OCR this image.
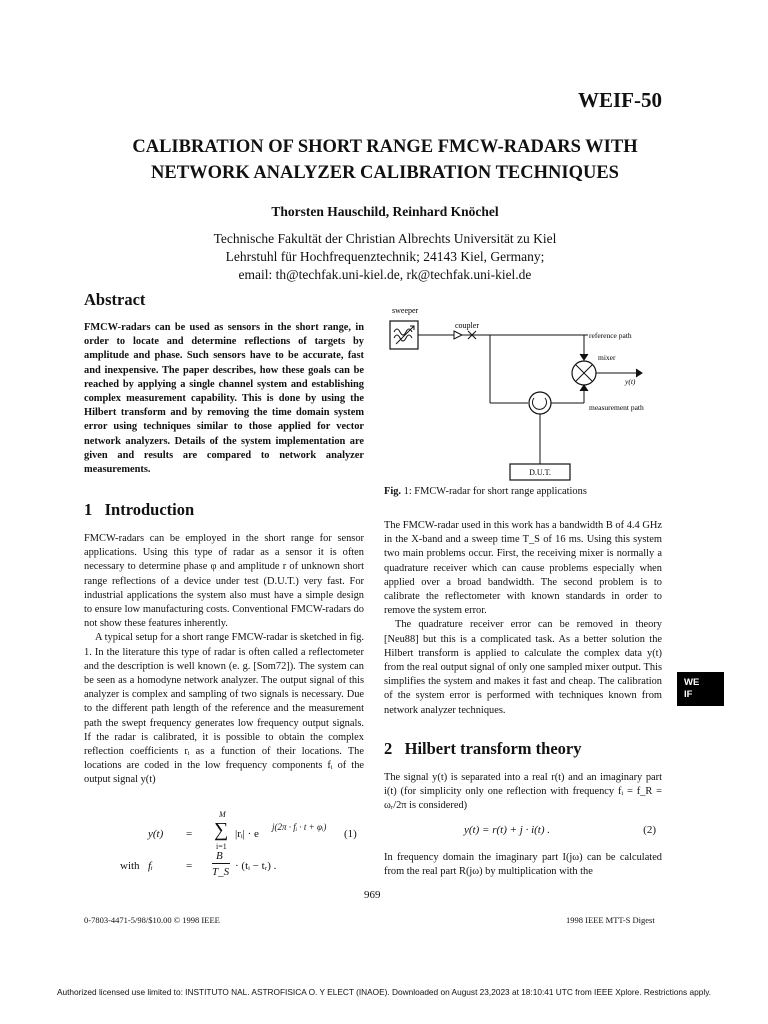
WEIF-50
CALIBRATION OF SHORT RANGE FMCW-RADARS WITH
NETWORK ANALYZER CALIBRATION TECHNIQUES
Thorsten Hauschild, Reinhard Knöchel
Technische Fakultät der Christian Albrechts Universität zu Kiel
Lehrstuhl für Hochfrequenztechnik; 24143 Kiel, Germany;
email: th@techfak.uni-kiel.de, rk@techfak.uni-kiel.de
Abstract
FMCW-radars can be used as sensors in the short range, in order to locate and determine reflections of targets by amplitude and phase. Such sensors have to be accurate, fast and inexpensive. The paper describes, how these goals can be reached by applying a single channel system and establishing complex measurement capability. This is done by using the Hilbert transform and by removing the time domain system error using techniques similar to those applied for vector network analyzers. Details of the system implementation are given and results are compared to network analyzer measurements.
1   Introduction

FMCW-radars can be employed in the short range for sensor applications. Using this type of radar as a sensor it is often necessary to determine phase φ and amplitude r of unknown short range reflections of a device under test (D.U.T.) very fast. For industrial applications the system also must have a simple design to ensure low manufacturing costs. Conventional FMCW-radars do not show these features inherently.

A typical setup for a short range FMCW-radar is sketched in fig. 1. In the literature this type of radar is often called a reflectometer and the description is well known (e. g. [Som72]). The system can be seen as a homodyne network analyzer. The output signal of this analyzer is complex and sampling of two signals is necessary. Due to the different path length of the reference and the measurement path the swept frequency generates low frequency output signals. If the radar is calibrated, it is possible to obtain the complex reflection coefficients rᵢ as a function of their locations. The locations are coded in the low frequency components fᵢ of the output signal y(t)

y(t) =
M
∑
i=1
|rᵢ| · e
j(2π · fᵢ · t + φᵢ)
(1)
with fᵢ	=
B
T_S · (tᵢ − tᵣ) .
sweeper
coupler
reference path
mixer
y(t)
measurement path
D.U.T.
Fig. 1: FMCW-radar for short range applications

The FMCW-radar used in this work has a bandwidth B of 4.4 GHz in the X-band and a sweep time T_S of 16 ms. Using this system two main problems occur. First, the receiving mixer is normally a quadrature receiver which can cause problems especially when applied over a broad bandwidth. The second problem is to calibrate the reflectometer with known standards in order to remove the system error.

The quadrature receiver error can be removed in theory [Neu88] but this is a complicated task. As a better solution the Hilbert transform is applied to calculate the complex data y(t) from the real output signal of only one sampled mixer output. This simplifies the system and makes it fast and cheap. The calibration of the system error is performed with techniques known from network analyzer techniques.

WE
IF
2   Hilbert transform theory
The signal y(t) is separated into a real r(t) and an imaginary part i(t) (for simplicity only one reflection with frequency fᵢ = f_R = ωᵣ/2π is considered)
y(t) = r(t) + j · i(t) .	(2)
In frequency domain the imaginary part I(jω) can be calculated from the real part R(jω) by multiplication with the
969
0-7803-4471-5/98/$10.00 © 1998 IEEE	1998 IEEE MTT-S Digest
Authorized licensed use limited to: INSTITUTO NAL. ASTROFISICA O. Y ELECT (INAOE). Downloaded on August 23,2023 at 18:10:41 UTC from IEEE Xplore. Restrictions apply.
